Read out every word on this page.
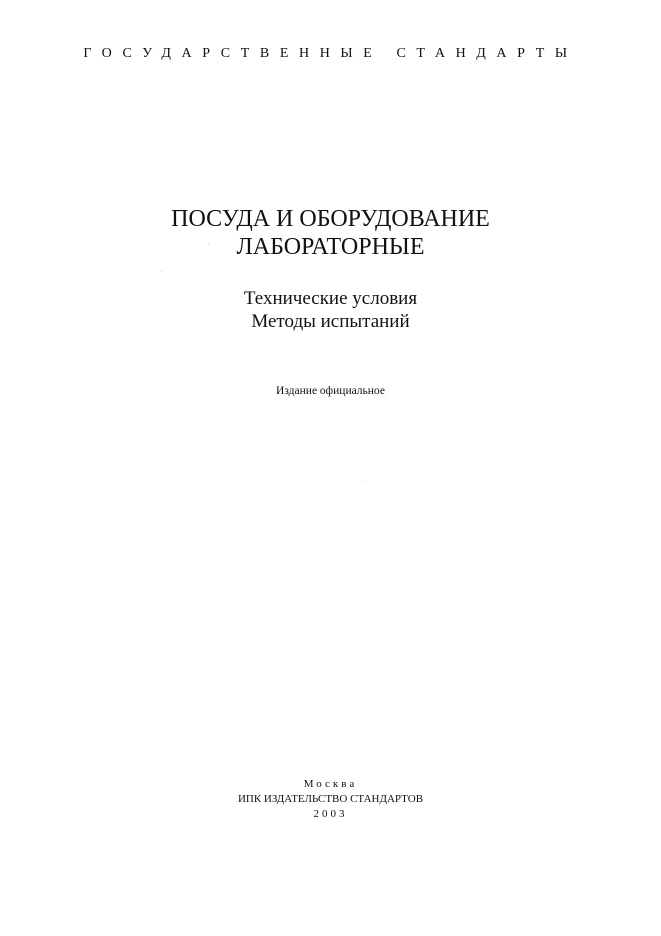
ГОСУДАРСТВЕННЫЕ СТАНДАРТЫ
ПОСУДА И ОБОРУДОВАНИЕ
ЛАБОРАТОРНЫЕ
Технические условия
Методы испытаний
Издание официальное
Москва
ИПК ИЗДАТЕЛЬСТВО СТАНДАРТОВ
2003
